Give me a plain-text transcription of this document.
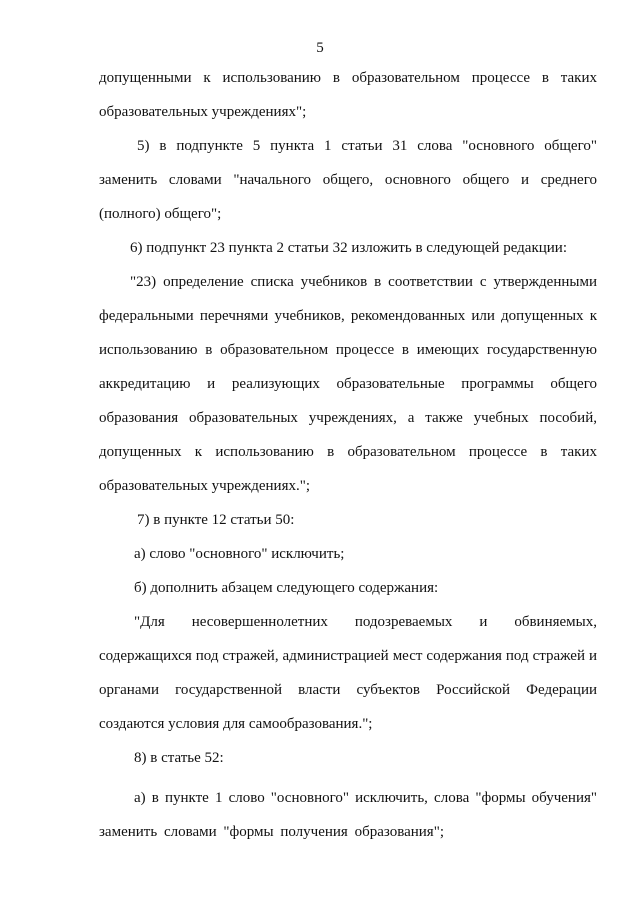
5
допущенными к использованию в образовательном процессе в таких
образовательных учреждениях";
5) в подпункте 5 пункта 1 статьи 31 слова "основного общего"
заменить словами "начального общего, основного общего и среднего
(полного) общего";
6) подпункт 23 пункта 2 статьи 32 изложить в следующей редакции:
"23) определение списка учебников в соответствии с утвержденными
федеральными перечнями учебников, рекомендованных или допущенных к
использованию в образовательном процессе в имеющих государственную
аккредитацию и реализующих образовательные программы общего
образования образовательных учреждениях, а также учебных пособий,
допущенных к использованию в образовательном процессе в таких
образовательных учреждениях.";
7) в пункте 12 статьи 50:
а) слово "основного" исключить;
б) дополнить абзацем следующего содержания:
"Для несовершеннолетних подозреваемых и обвиняемых,
содержащихся под стражей, администрацией мест содержания под стражей и
органами государственной власти субъектов Российской Федерации
создаются условия для самообразования.";
8) в статье 52:
а) в пункте 1 слово "основного" исключить, слова "формы обучения"
заменить словами "формы получения образования";
